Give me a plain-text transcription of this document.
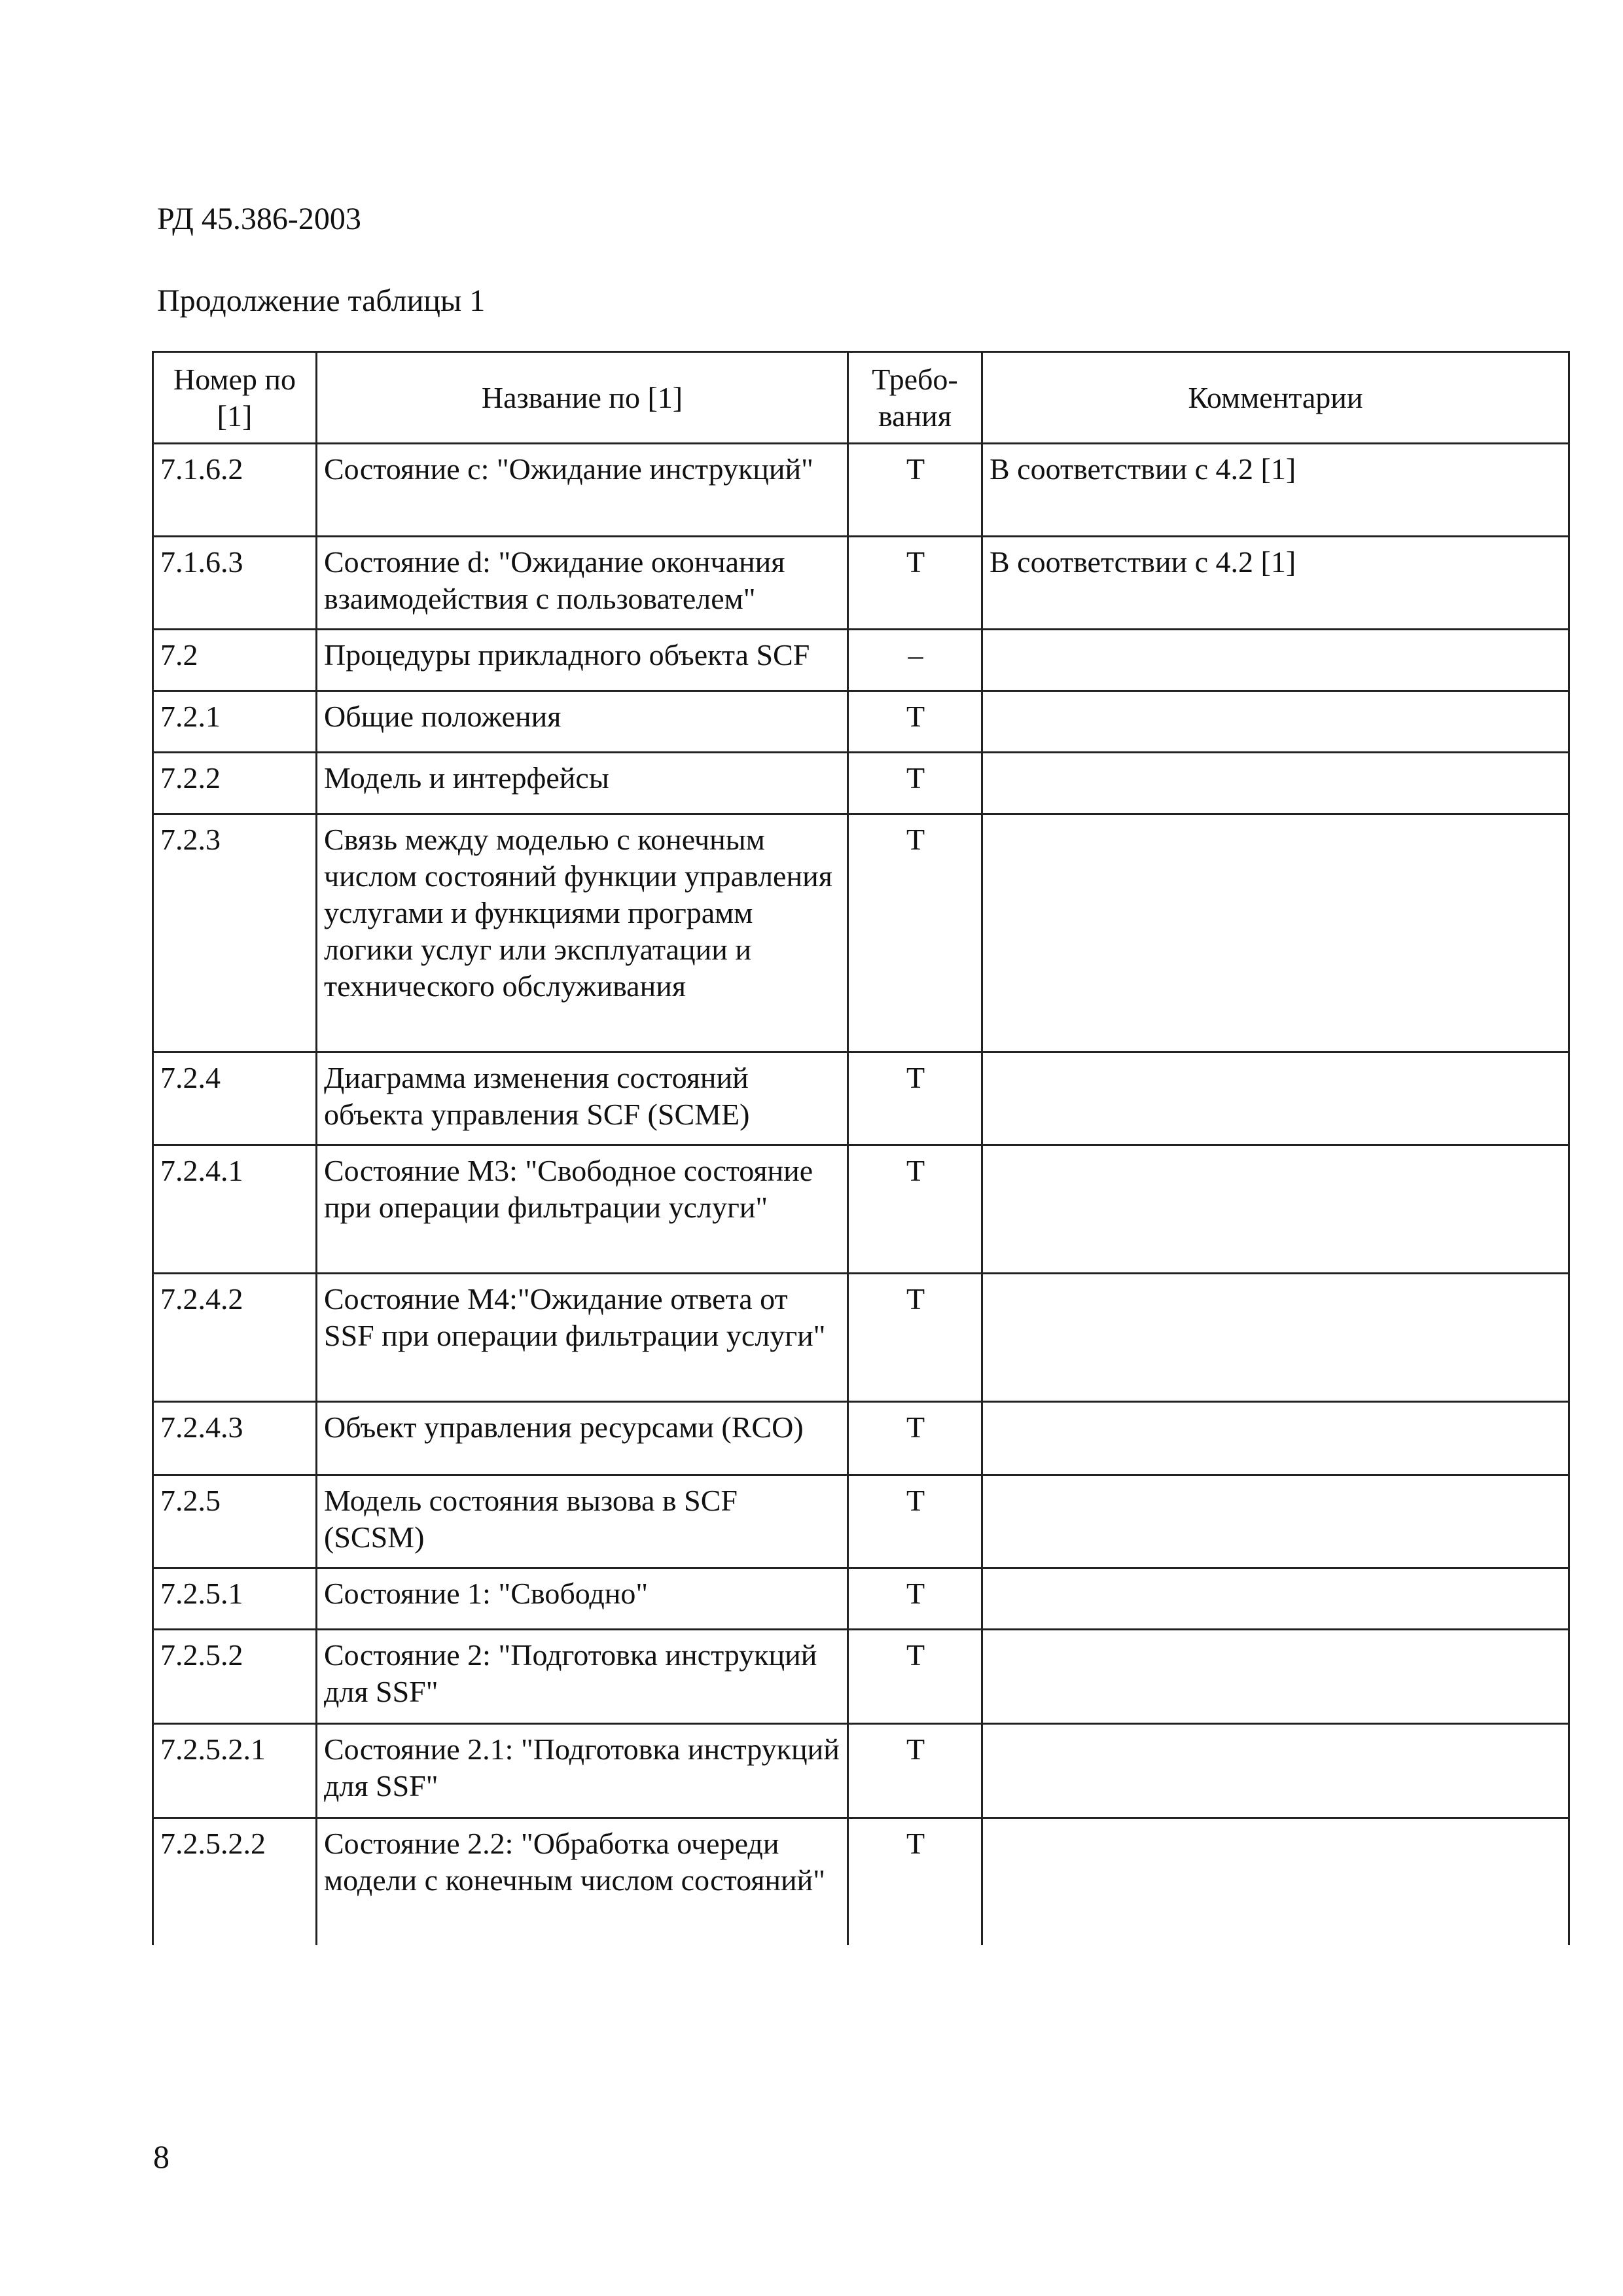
РД 45.386-2003
Продолжение таблицы 1
Номер по [1]	Название по [1]	Требо-вания	Комментарии
7.1.6.2	Состояние с: "Ожидание инструкций"	Т	В соответствии с 4.2 [1]
7.1.6.3	Состояние d: "Ожидание окончания взаимодействия с пользователем"	Т	В соответствии с 4.2 [1]
7.2	Процедуры прикладного объекта SCF	–	
7.2.1	Общие положения	Т	
7.2.2	Модель и интерфейсы	Т	
7.2.3	Связь между моделью с конечным числом состояний функции управления услугами и функциями программ логики услуг или эксплуатации и технического обслуживания	Т	
7.2.4	Диаграмма изменения состояний объекта управления SCF (SCME)	Т	
7.2.4.1	Состояние М3: "Свободное состояние при операции фильтрации услуги"	Т	
7.2.4.2	Состояние М4:"Ожидание ответа от SSF при операции фильтрации услуги"	Т	
7.2.4.3	Объект управления ресурсами (RCO)	Т	
7.2.5	Модель состояния вызова в SCF (SCSM)	Т	
7.2.5.1	Состояние 1: "Свободно"	Т	
7.2.5.2	Состояние 2: "Подготовка инструкций для SSF"	Т	
7.2.5.2.1	Состояние 2.1: "Подготовка инструкций для SSF"	Т	
7.2.5.2.2	Состояние 2.2: "Обработка очереди модели с конечным числом состояний"	Т	
8
